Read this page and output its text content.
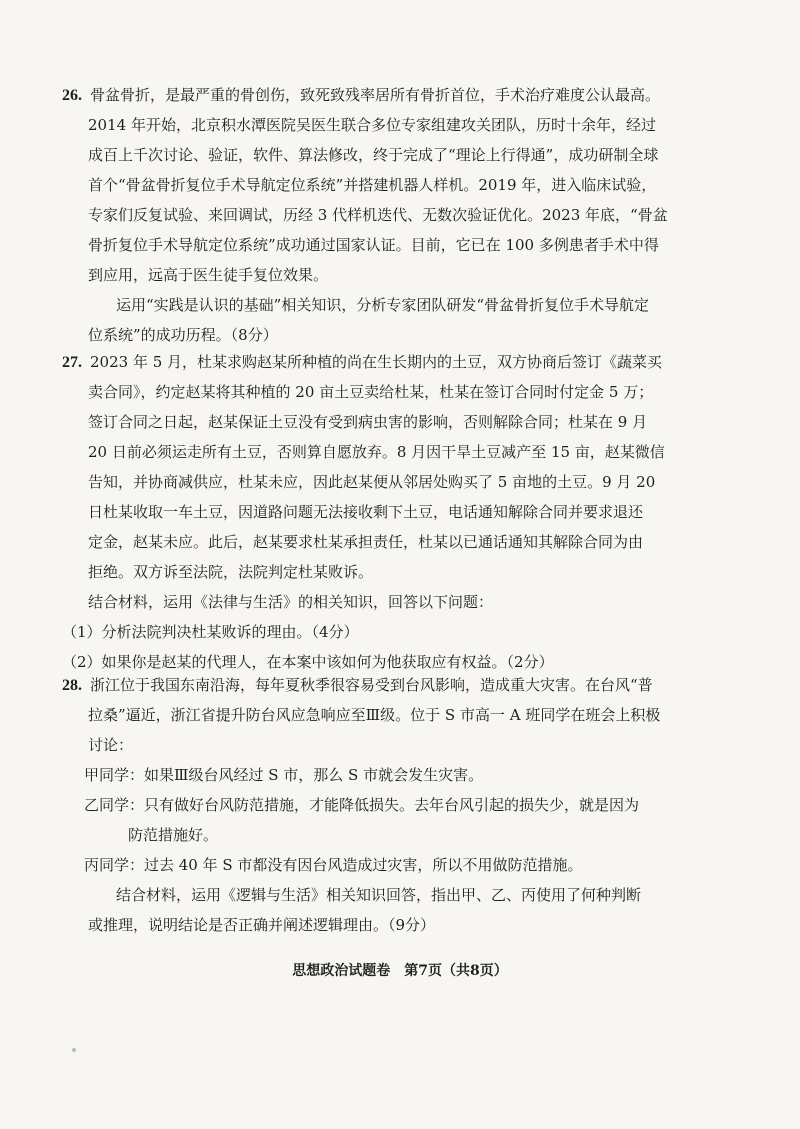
26. 骨盆骨折，是最严重的骨创伤，致死致残率居所有骨折首位，手术治疗难度公认最高。
2014 年开始，北京积水潭医院吴医生联合多位专家组建攻关团队，历时十余年，经过
成百上千次讨论、验证，软件、算法修改，终于完成了“理论上行得通”，成功研制全球
首个“骨盆骨折复位手术导航定位系统”并搭建机器人样机。2019 年，进入临床试验，
专家们反复试验、来回调试，历经 3 代样机迭代、无数次验证优化。2023 年底，“骨盆
骨折复位手术导航定位系统”成功通过国家认证。目前，它已在 100 多例患者手术中得
到应用，远高于医生徒手复位效果。
运用“实践是认识的基础”相关知识，分析专家团队研发“骨盆骨折复位手术导航定
位系统”的成功历程。（8分）
27. 2023 年 5 月，杜某求购赵某所种植的尚在生长期内的土豆，双方协商后签订《蔬菜买
卖合同》，约定赵某将其种植的 20 亩土豆卖给杜某，杜某在签订合同时付定金 5 万；
签订合同之日起，赵某保证土豆没有受到病虫害的影响，否则解除合同；杜某在 9 月
20 日前必须运走所有土豆，否则算自愿放弃。8 月因干旱土豆减产至 15 亩，赵某微信
告知，并协商减供应，杜某未应，因此赵某便从邻居处购买了 5 亩地的土豆。9 月 20
日杜某收取一车土豆，因道路问题无法接收剩下土豆，电话通知解除合同并要求退还
定金，赵某未应。此后，赵某要求杜某承担责任，杜某以已通话通知其解除合同为由
拒绝。双方诉至法院，法院判定杜某败诉。
结合材料，运用《法律与生活》的相关知识，回答以下问题：
（1）分析法院判决杜某败诉的理由。（4分）
（2）如果你是赵某的代理人，在本案中该如何为他获取应有权益。（2分）
28. 浙江位于我国东南沿海，每年夏秋季很容易受到台风影响，造成重大灾害。在台风“普
拉桑”逼近，浙江省提升防台风应急响应至Ⅲ级。位于 S 市高一 A 班同学在班会上积极
讨论：
甲同学：如果Ⅲ级台风经过 S 市，那么 S 市就会发生灾害。
乙同学：只有做好台风防范措施，才能降低损失。去年台风引起的损失少，就是因为
防范措施好。
丙同学：过去 40 年 S 市都没有因台风造成过灾害，所以不用做防范措施。
结合材料，运用《逻辑与生活》相关知识回答，指出甲、乙、丙使用了何种判断
或推理，说明结论是否正确并阐述逻辑理由。（9分）
思想政治试题卷　第7页（共8页）
